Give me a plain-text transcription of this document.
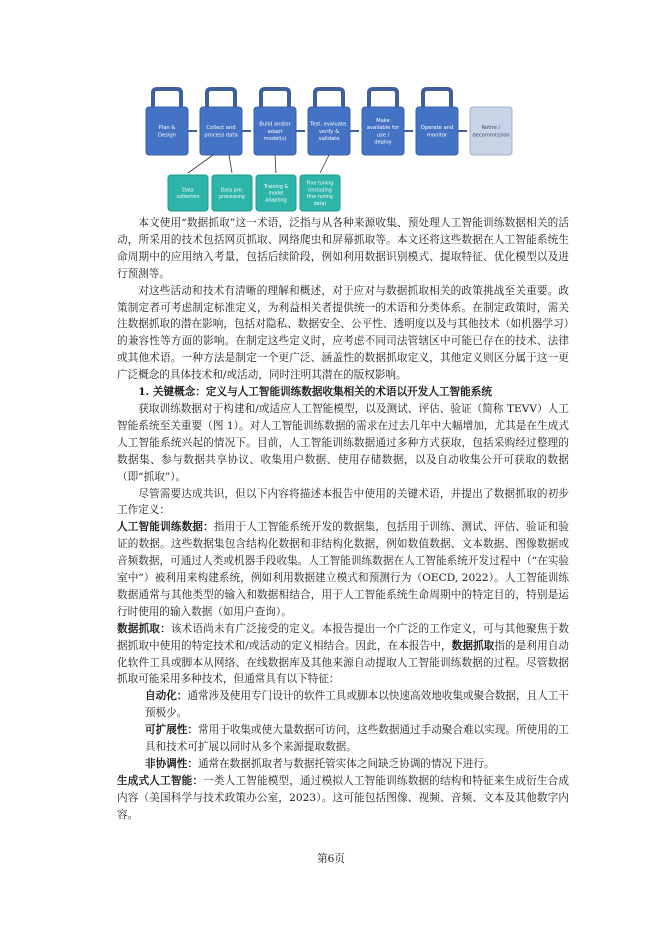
Plan &
Design
Collect and
process data
Build and/or
adapt
model(s)
Test, evaluate,
verify &
validate
Make
available for
use /
deploy
Operate and
monitor
Retire /
decommission
Data
collection
Data pre-
processing
Training &
model
adapting
Fine tuning
(including
fine tuning
data)

本文使用“数据抓取”这一术语，泛指与从各种来源收集、预处理人工智能训练数据相关的活动，所采用的技术包括网页抓取、网络爬虫和屏幕抓取等。本文还将这些数据在人工智能系统生命周期中的应用纳入考量，包括后续阶段，例如利用数据识别模式、提取特征、优化模型以及进行预测等。

对这些活动和技术有清晰的理解和概述，对于应对与数据抓取相关的政策挑战至关重要。政策制定者可考虑制定标准定义，为利益相关者提供统一的术语和分类体系。在制定政策时，需关注数据抓取的潜在影响，包括对隐私、数据安全、公平性、透明度以及与其他技术（如机器学习）的兼容性等方面的影响。在制定这些定义时，应考虑不同司法管辖区中可能已存在的技术、法律或其他术语。一种方法是制定一个更广泛、涵盖性的数据抓取定义，其他定义则区分属于这一更广泛概念的具体技术和/或活动，同时注明其潜在的版权影响。

1. 关键概念：定义与人工智能训练数据收集相关的术语以开发人工智能系统

获取训练数据对于构建和/或适应人工智能模型，以及测试、评估、验证（简称 TEVV）人工智能系统至关重要（图 1）。对人工智能训练数据的需求在过去几年中大幅增加，尤其是在生成式人工智能系统兴起的情况下。目前，人工智能训练数据通过多种方式获取，包括采购经过整理的数据集、参与数据共享协议、收集用户数据、使用存储数据，以及自动收集公开可获取的数据（即“抓取”）。

尽管需要达成共识，但以下内容将描述本报告中使用的关键术语，并提出了数据抓取的初步工作定义：

人工智能训练数据：指用于人工智能系统开发的数据集，包括用于训练、测试、评估、验证和验证的数据。这些数据集包含结构化数据和非结构化数据，例如数值数据、文本数据、图像数据或音频数据，可通过人类或机器手段收集。人工智能训练数据在人工智能系统开发过程中（“在实验室中”）被利用来构建系统，例如利用数据建立模式和预测行为（OECD, 2022）。人工智能训练数据通常与其他类型的输入和数据相结合，用于人工智能系统生命周期中的特定目的，特别是运行时使用的输入数据（如用户查询）。

数据抓取：该术语尚未有广泛接受的定义。本报告提出一个广泛的工作定义，可与其他聚焦于数据抓取中使用的特定技术和/或活动的定义相结合。因此，在本报告中，数据抓取指的是利用自动化软件工具或脚本从网络、在线数据库及其他来源自动提取人工智能训练数据的过程。尽管数据抓取可能采用多种技术，但通常具有以下特征：

自动化：通常涉及使用专门设计的软件工具或脚本以快速高效地收集或聚合数据，且人工干预极少。

可扩展性：常用于收集或使大量数据可访问，这些数据通过手动聚合难以实现。所使用的工具和技术可扩展以同时从多个来源提取数据。

非协调性：通常在数据抓取者与数据托管实体之间缺乏协调的情况下进行。

生成式人工智能：一类人工智能模型，通过模拟人工智能训练数据的结构和特征来生成衍生合成内容（美国科学与技术政策办公室，2023）。这可能包括图像、视频、音频、文本及其他数字内容。

第6页
